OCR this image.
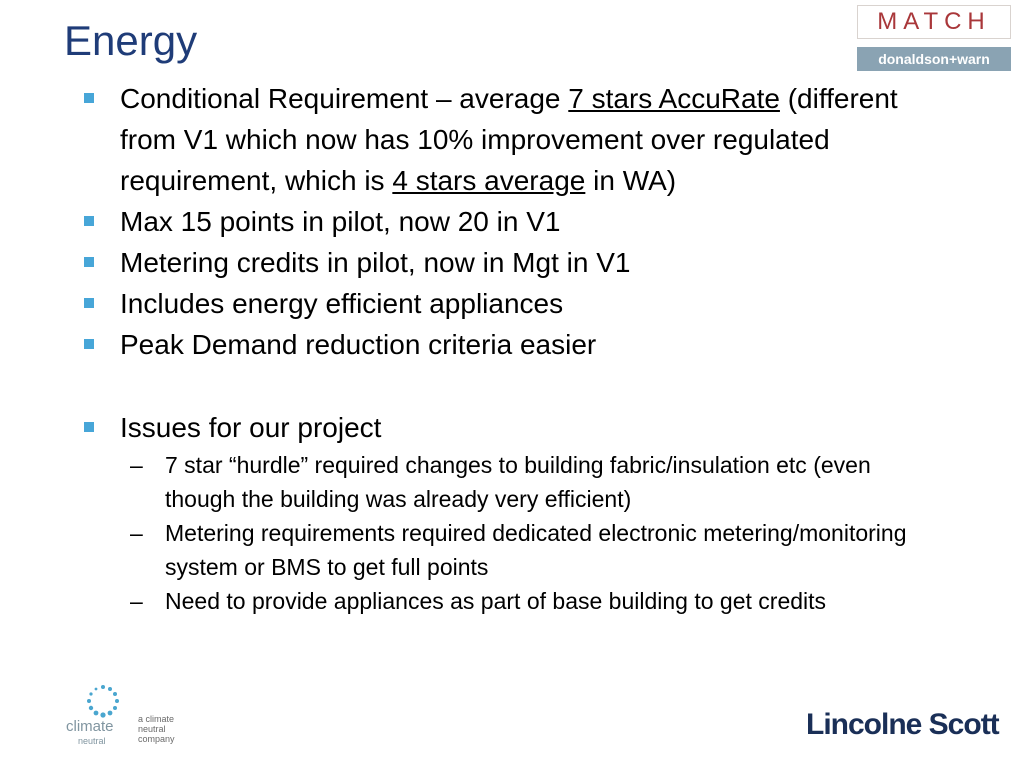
Energy	MATCH
donaldson+warn
Conditional Requirement – average 7 stars AccuRate (different from V1 which now has 10% improvement over regulated requirement, which is 4 stars average in WA)
Max 15 points in pilot, now 20 in V1
Metering credits in pilot, now in Mgt in V1
Includes energy efficient appliances
Peak Demand reduction criteria easier
Issues for our project
– 7 star “hurdle” required changes to building fabric/insulation etc (even though the building was already very efficient)
– Metering requirements required dedicated electronic metering/monitoring system or BMS to get full points
– Need to provide appliances as part of base building to get credits
climate
neutral
a climate
neutral
company	Lincolne Scott
